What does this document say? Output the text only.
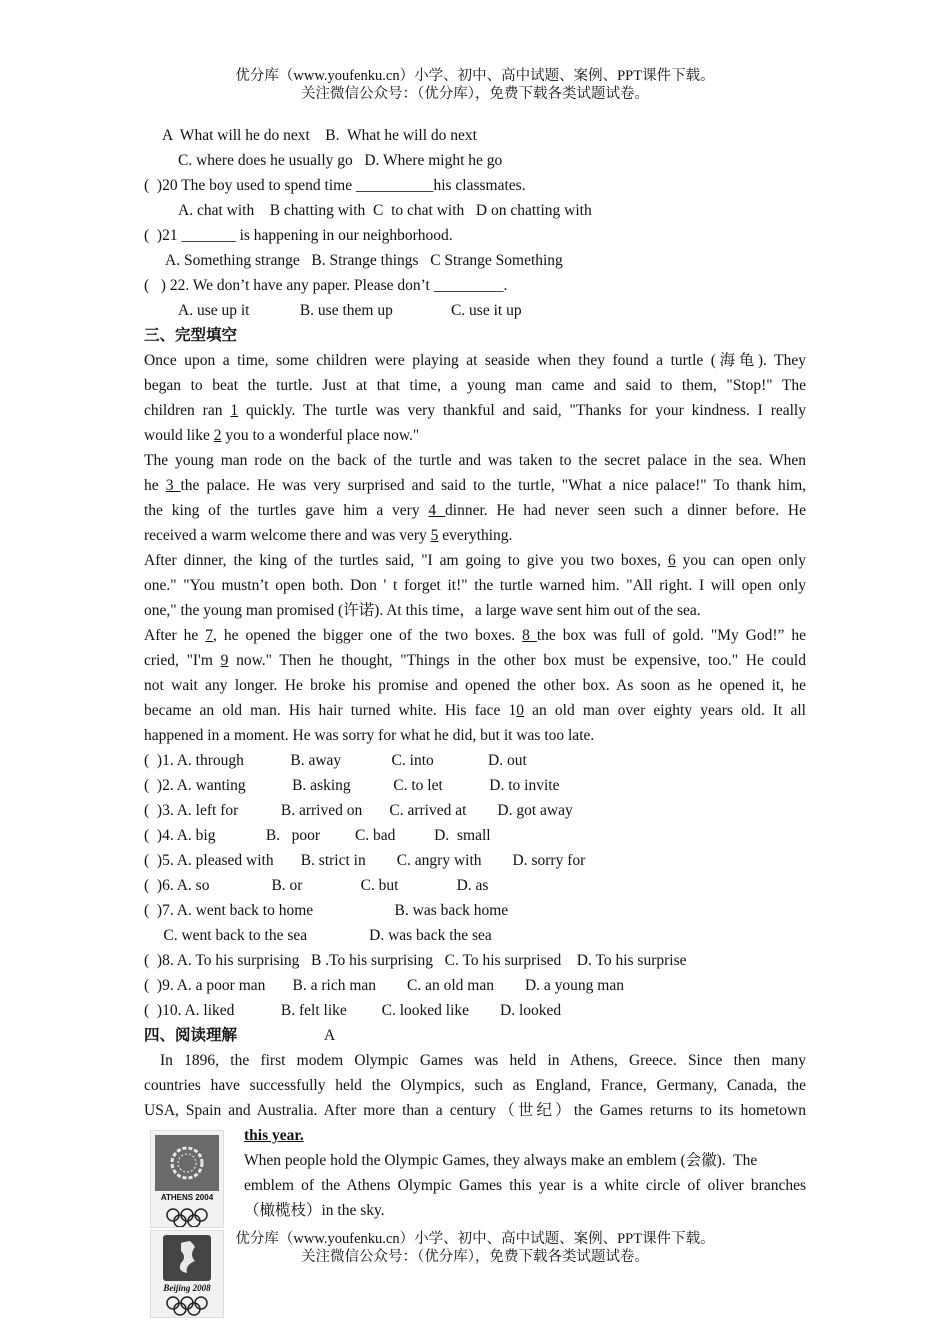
优分库（www.youfenku.cn）小学、初中、高中试题、案例、PPT课件下载。
关注微信公众号：（优分库），免费下载各类试题试卷。
A  What will he do next    B.  What he will do next
C. where does he usually go   D. Where might he go
(  )20 The boy used to spend time __________his classmates.
A. chat with    B chatting with  C  to chat with   D on chatting with
(  )21 _______ is happening in our neighborhood.
A. Something strange   B. Strange things   C Strange Something
(   ) 22. We don’t have any paper. Please don’t _________.
A. use up it             B. use them up               C. use it up
三、完型填空
Once upon a time, some children were playing at seaside when they found a turtle (海龟). They
began to beat the turtle. Just at that time, a young man came and said to them, "Stop!" The
children ran 1 quickly. The turtle was very thankful and said, "Thanks for your kindness. I really
would like 2 you to a wonderful place now."
The young man rode on the back of the turtle and was taken to the secret palace in the sea. When
he 3 the palace. He was very surprised and said to the turtle, "What a nice palace!" To thank him,
the king of the turtles gave him a very 4 dinner. He had never seen such a dinner before. He
received a warm welcome there and was very 5 everything.
After dinner, the king of the turtles said, "I am going to give you two boxes, 6 you can open only
one." "You mustn’t open both. Don ' t forget it!" the turtle warned him. "All right. I will open only
one," the young man promised (许诺). At this time，a large wave sent him out of the sea.
After he 7, he opened the bigger one of the two boxes. 8 the box was full of gold. "My God!” he
cried, "I'm 9 now." Then he thought, "Things in the other box must be expensive, too." He could
not wait any longer. He broke his promise and opened the other box. As soon as he opened it, he
became an old man. His hair turned white. His face 10 an old man over eighty years old. It all
happened in a moment. He was sorry for what he did, but it was too late.
(  )1. A. through            B. away             C. into              D. out
(  )2. A. wanting            B. asking           C. to let            D. to invite
(  )3. A. left for           B. arrived on       C. arrived at        D. got away
(  )4. A. big             B.   poor         C. bad          D.  small
(  )5. A. pleased with       B. strict in        C. angry with        D. sorry for
(  )6. A. so                B. or               C. but               D. as
(  )7. A. went back to home                     B. was back home
C. went back to the sea                D. was back the sea
(  )8. A. To his surprising   B .To his surprising   C. To his surprised    D. To his surprise
(  )9. A. a poor man       B. a rich man        C. an old man        D. a young man
(  )10. A. liked            B. felt like         C. looked like        D. looked
四、阅读理解	A
In 1896, the first modem Olympic Games was held in Athens, Greece. Since then many
countries have successfully held the Olympics, such as England, France, Germany, Canada, the
USA, Spain and Australia. After more than a century（世纪）the Games returns to its hometown
this year.
When people hold the Olympic Games, they always make an emblem (会徽).  The
emblem of the Athens Olympic Games this year is a white circle of oliver branches
（橄榄枝）in the sky.
ATHENS 2004
Beijing 2008
优分库（www.youfenku.cn）小学、初中、高中试题、案例、PPT课件下载。
关注微信公众号：（优分库），免费下载各类试题试卷。
